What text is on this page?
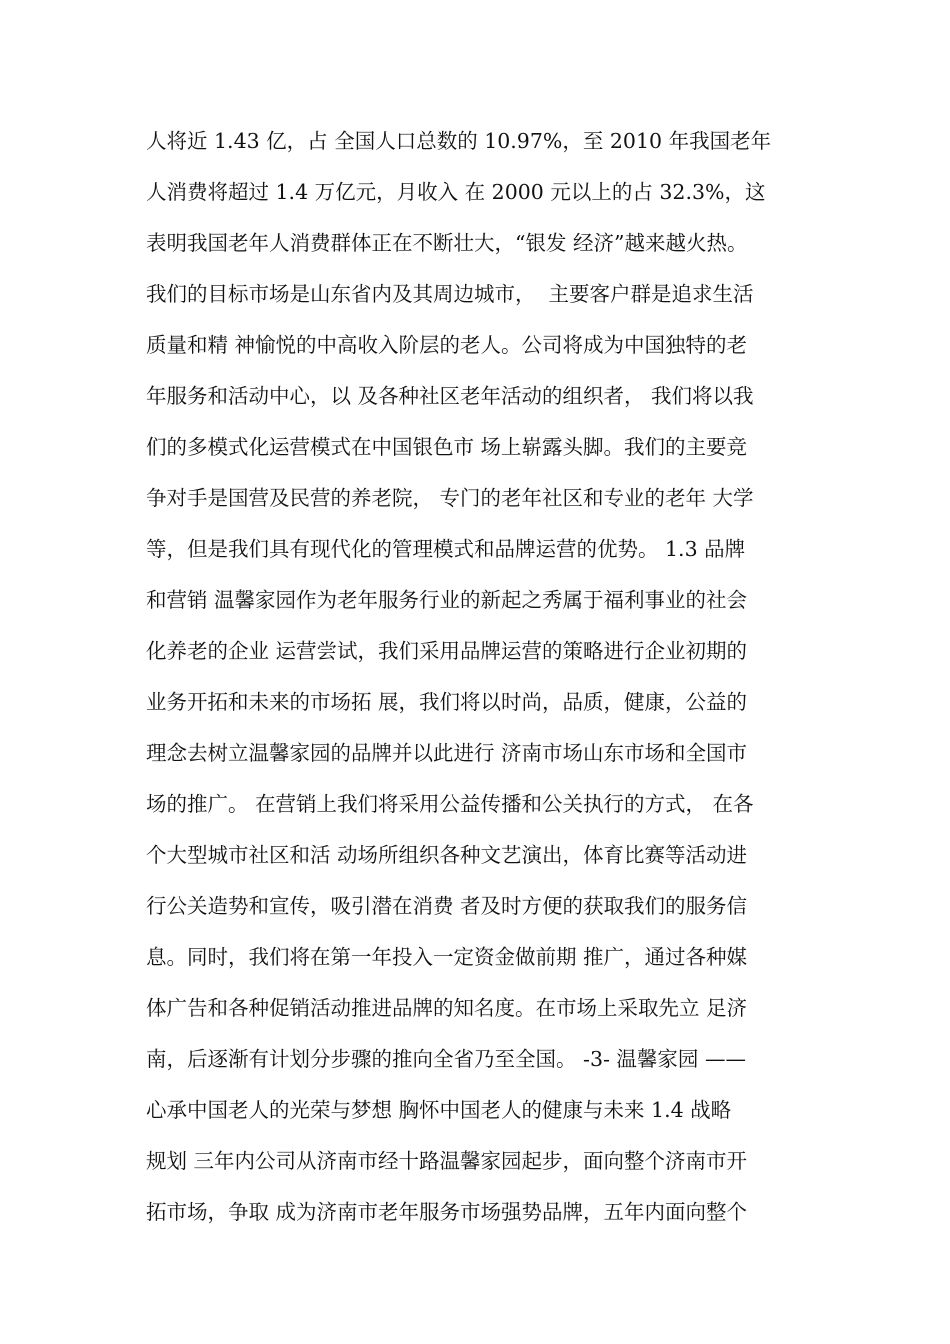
人将近 1.43 亿，占 全国人口总数的 10.97%，至 2010 年我国老年
人消费将超过 1.4 万亿元，月收入 在 2000 元以上的占 32.3%，这
表明我国老年人消费群体正在不断壮大，“银发 经济”越来越火热。
我们的目标市场是山东省内及其周边城市，  主要客户群是追求生活
质量和精 神愉悦的中高收入阶层的老人。公司将成为中国独特的老
年服务和活动中心，以 及各种社区老年活动的组织者， 我们将以我
们的多模式化运营模式在中国银色市 场上崭露头脚。我们的主要竞
争对手是国营及民营的养老院， 专门的老年社区和专业的老年 大学
等，但是我们具有现代化的管理模式和品牌运营的优势。 1.3 品牌
和营销 温馨家园作为老年服务行业的新起之秀属于福利事业的社会
化养老的企业 运营尝试，我们采用品牌运营的策略进行企业初期的
业务开拓和未来的市场拓 展，我们将以时尚，品质，健康，公益的
理念去树立温馨家园的品牌并以此进行 济南市场山东市场和全国市
场的推广。 在营销上我们将采用公益传播和公关执行的方式， 在各
个大型城市社区和活 动场所组织各种文艺演出，体育比赛等活动进
行公关造势和宣传，吸引潜在消费 者及时方便的获取我们的服务信
息。同时，我们将在第一年投入一定资金做前期 推广，通过各种媒
体广告和各种促销活动推进品牌的知名度。在市场上采取先立 足济
南，后逐渐有计划分步骤的推向全省乃至全国。 -3- 温馨家园 ——
心承中国老人的光荣与梦想 胸怀中国老人的健康与未来 1.4 战略
规划 三年内公司从济南市经十路温馨家园起步，面向整个济南市开
拓市场，争取 成为济南市老年服务市场强势品牌，五年内面向整个
